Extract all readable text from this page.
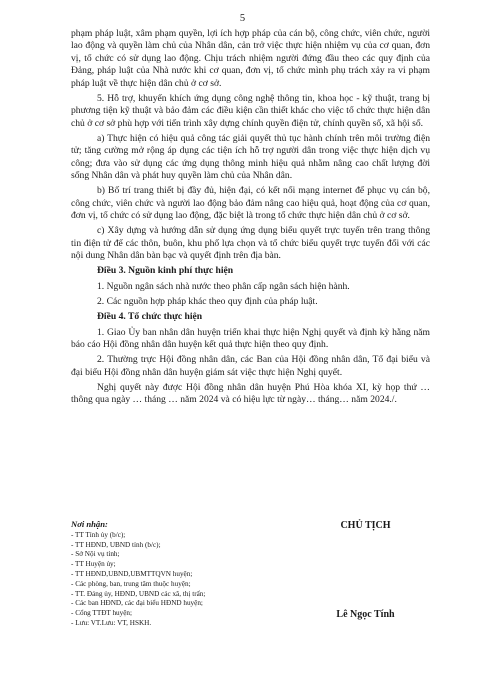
5

phạm pháp luật, xâm phạm quyền, lợi ích hợp pháp của cán bộ, công chức, viên chức, người lao động và quyền làm chủ của Nhân dân, cản trở việc thực hiện nhiệm vụ của cơ quan, đơn vị, tổ chức có sử dụng lao động. Chịu trách nhiệm người đứng đầu theo các quy định của Đảng, pháp luật của Nhà nước khi cơ quan, đơn vị, tổ chức mình phụ trách xảy ra vi phạm pháp luật về thực hiện dân chủ ở cơ sở.

5. Hỗ trợ, khuyến khích ứng dụng công nghệ thông tin, khoa học - kỹ thuật, trang bị phương tiện kỹ thuật và bảo đảm các điều kiện cần thiết khác cho việc tổ chức thực hiện dân chủ ở cơ sở phù hợp với tiến trình xây dựng chính quyền điện tử, chính quyền số, xã hội số.

a) Thực hiện có hiệu quả công tác giải quyết thủ tục hành chính trên môi trường điện tử; tăng cường mở rộng áp dụng các tiện ích hỗ trợ người dân trong việc thực hiện dịch vụ công; đưa vào sử dụng các ứng dụng thông minh hiệu quả nhằm nâng cao chất lượng đời sống Nhân dân và phát huy quyền làm chủ của Nhân dân.

b) Bố trí trang thiết bị đầy đủ, hiện đại, có kết nối mạng internet để phục vụ cán bộ, công chức, viên chức và người lao động bảo đảm nâng cao hiệu quả, hoạt động của cơ quan, đơn vị, tổ chức có sử dụng lao động, đặc biệt là trong tổ chức thực hiện dân chủ ở cơ sở.

c) Xây dựng và hướng dẫn sử dụng ứng dụng biểu quyết trực tuyến trên trang thông tin điện tử để các thôn, buôn, khu phố lựa chọn và tổ chức biểu quyết trực tuyến đối với các nội dung Nhân dân bàn bạc và quyết định trên địa bàn.

Điều 3. Nguồn kinh phí thực hiện

1. Nguồn ngân sách nhà nước theo phân cấp ngân sách hiện hành.

2. Các nguồn hợp pháp khác theo quy định của pháp luật.

Điều 4. Tổ chức thực hiện

1. Giao Ủy ban nhân dân huyện triển khai thực hiện Nghị quyết và định kỳ hằng năm báo cáo Hội đồng nhân dân huyện kết quả thực hiện theo quy định.

2. Thường trực Hội đồng nhân dân, các Ban của Hội đồng nhân dân, Tổ đại biểu và đại biểu Hội đồng nhân dân huyện giám sát việc thực hiện Nghị quyết.

Nghị quyết này được Hội đồng nhân dân huyện Phú Hòa khóa XI, kỳ họp thứ … thông qua ngày … tháng … năm 2024 và có hiệu lực từ ngày… tháng… năm 2024./.

Nơi nhận:
- TT Tỉnh ủy (b/c);
- TT HĐND, UBND tỉnh (b/c);
- Sở Nội vụ tỉnh;
- TT Huyện ủy;
- TT HĐND,UBND,UBMTTQVN huyện;
- Các phòng, ban, trung tâm thuộc huyện;
- TT. Đảng ủy, HĐND, UBND các xã, thị trấn;
- Các ban HĐND, các đại biểu HĐND huyện;
- Cổng TTĐT huyện;
- Lưu: VT.Lưu: VT, HSKH.
CHỦ TỊCH
Lê Ngọc Tính
